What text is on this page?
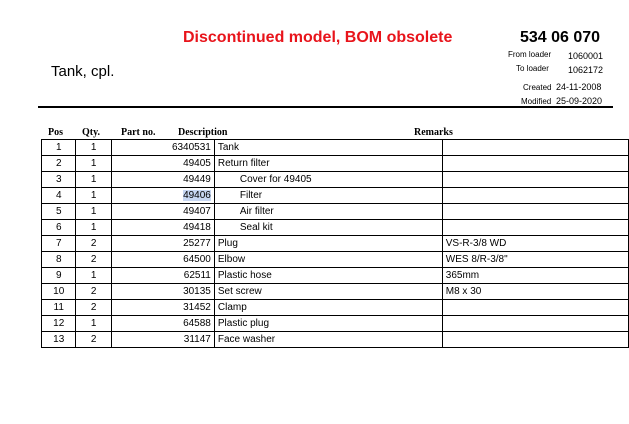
Discontinued model, BOM obsolete	534 06 070
From loader 1060001
To loader 1062172
Created 24-11-2008
Modified 25-09-2020
Tank, cpl.
Pos Qty. Part no. Description	Remarks
1	1	6340531	Tank	
2	1	49405	Return filter	
3	1	49449	Cover for 49405	
4	1	49406	Filter	
5	1	49407	Air filter	
6	1	49418	Seal kit	
7	2	25277	Plug	VS-R-3/8 WD
8	2	64500	Elbow	WES 8/R-3/8"
9	1	62511	Plastic hose	365mm
10	2	30135	Set screw	M8 x 30
11	2	31452	Clamp	
12	1	64588	Plastic plug	
13	2	31147	Face washer	
